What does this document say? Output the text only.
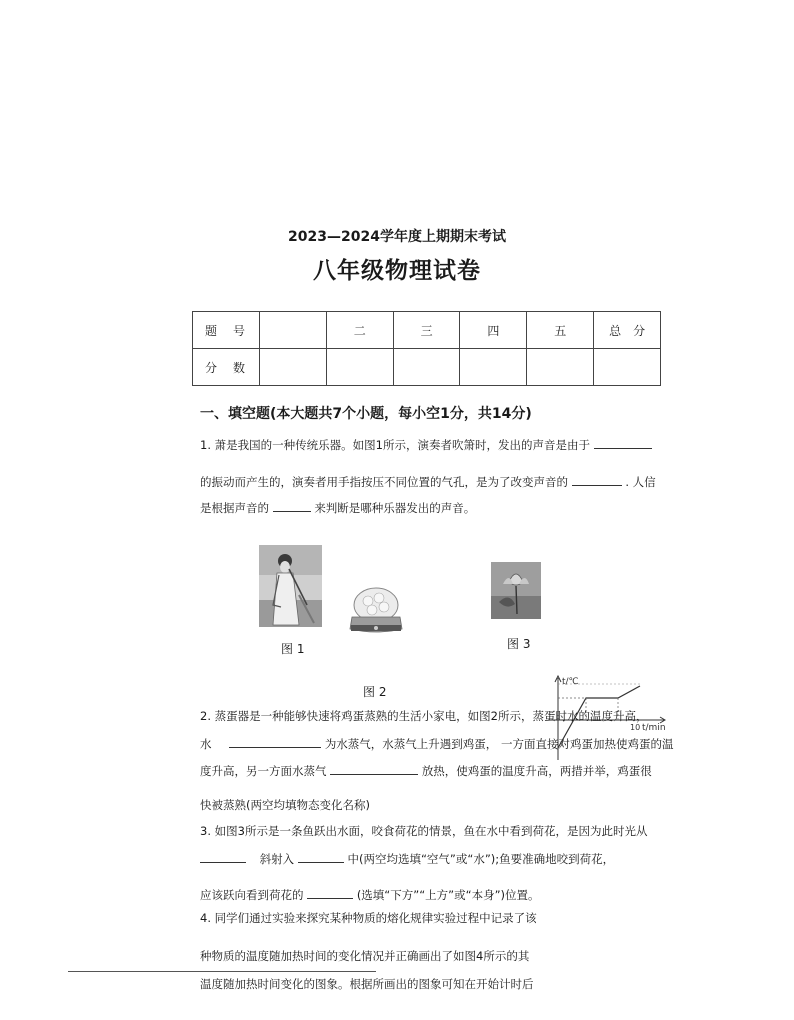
2023—2024学年度上期期末考试
八年级物理试卷
题　号		二	三	四	五	总　分
分　数						
一、填空题(本大题共7个小题，每小空1分，共14分)
1. 萧是我国的一种传统乐器。如图1所示，演奏者吹箫时，发出的声音是由于
的振动而产生的，演奏者用手指按压不同位置的气孔，是为了改变声音的	. 人信
是根据声音的	来判断是哪种乐器发出的声音。
图 1
图 2
图 3
t/℃
t/min
10
2. 蒸蛋器是一种能够快速将鸡蛋蒸熟的生活小家电，如图2所示，蒸蛋时水的温度升高，
水	为水蒸气，水蒸气上升遇到鸡蛋， 一方面直接对鸡蛋加热使鸡蛋的温
度升高，另一方面水蒸气	放热，使鸡蛋的温度升高，两措并举，鸡蛋很
快被蒸熟(两空均填物态变化名称)
3. 如图3所示是一条鱼跃出水面，咬食荷花的情景，鱼在水中看到荷花，是因为此时光从
斜射入	中(两空均选填“空气”或“水”);鱼要准确地咬到荷花，
应该跃向看到荷花的	(选填“下方”“上方”或“本身”)位置。
4. 同学们通过实验来探究某种物质的熔化规律实验过程中记录了该
种物质的温度随加热时间的变化情况并正确画出了如图4所示的其
温度随加热时间变化的图象。根据所画出的图象可知在开始计时后
